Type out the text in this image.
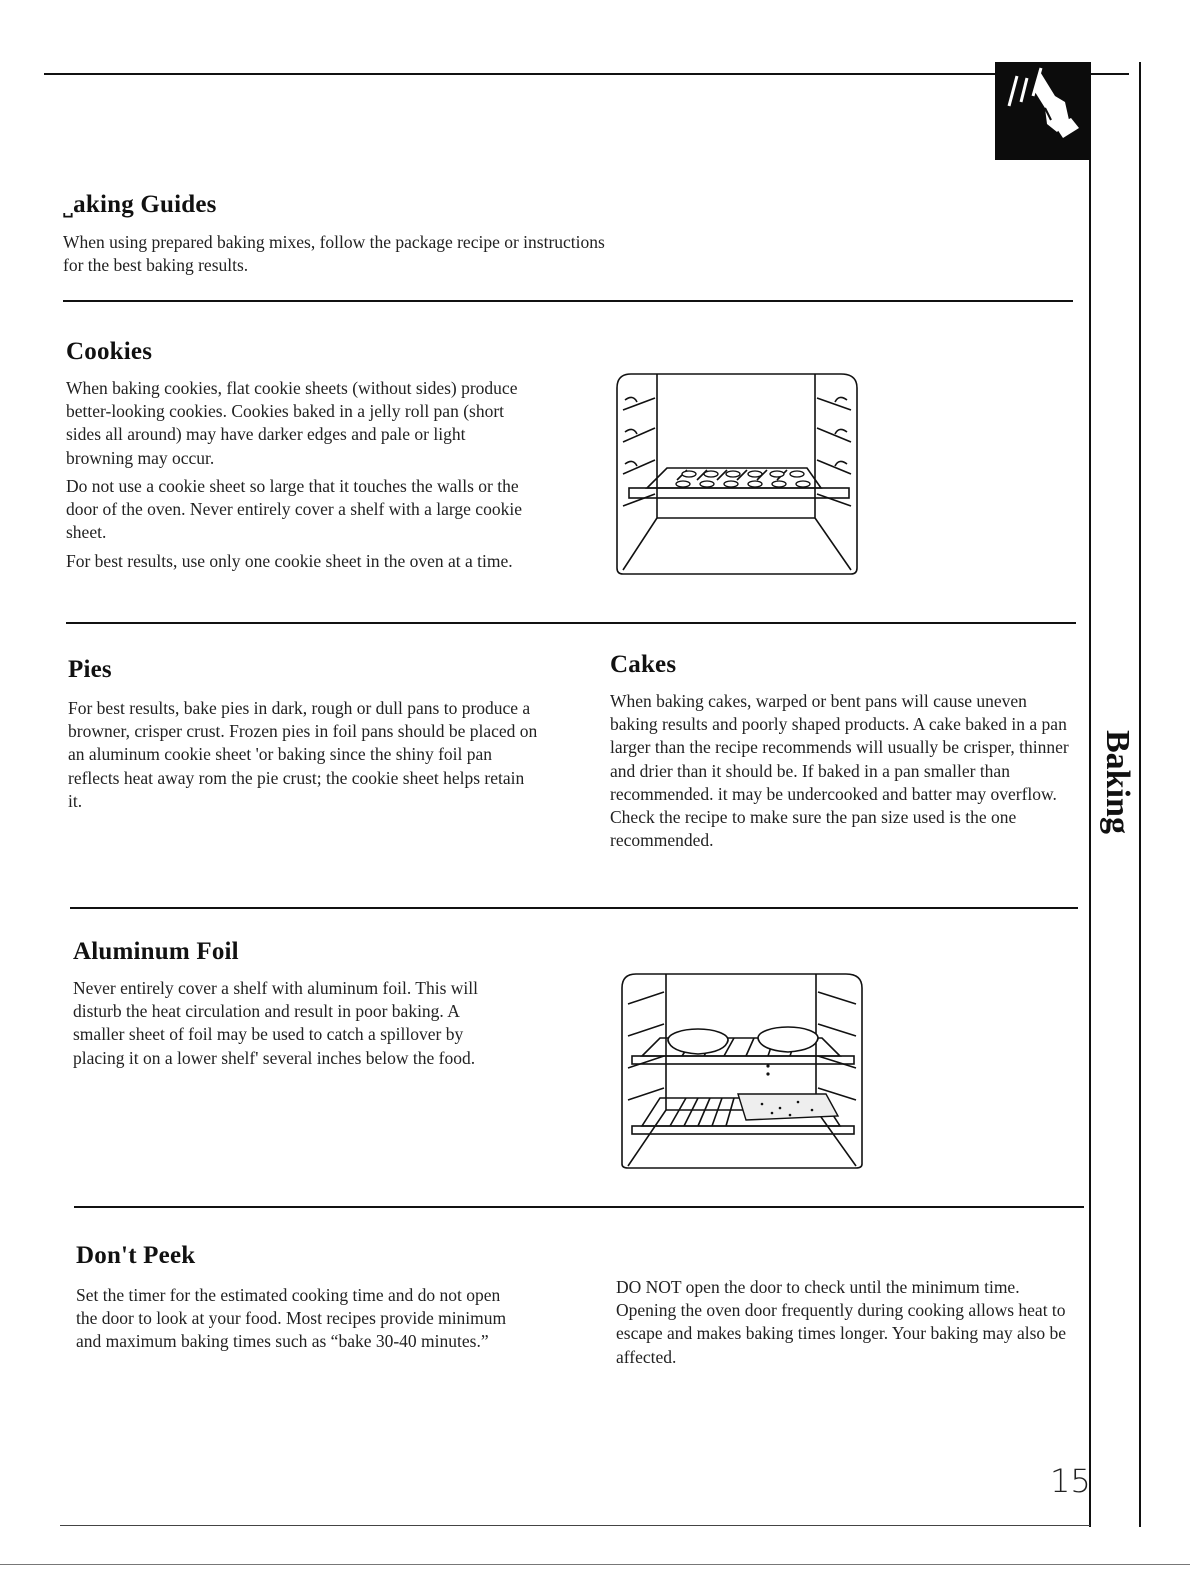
Baking
˽aking Guides

When using prepared baking mixes, follow the package recipe or instructions for the best baking results.

Cookies

When baking cookies, flat cookie sheets (without sides) produce better-looking cookies. Cookies baked in a jelly roll pan (short sides all around) may have darker edges and pale or light browning may occur.

Do not use a cookie sheet so large that it touches the walls or the door of the oven. Never entirely cover a shelf with a large cookie sheet.

For best results, use only one cookie sheet in the oven at a time.

Pies

For best results, bake pies in dark, rough or dull pans to produce a browner, crisper crust. Frozen pies in foil pans should be placed on an aluminum cookie sheet 'or baking since the shiny foil pan reflects heat away rom the pie crust; the cookie sheet helps retain it.

Cakes

When baking cakes, warped or bent pans will cause uneven baking results and poorly shaped products. A cake baked in a pan larger than the recipe recommends will usually be crisper, thinner and drier than it should be. If baked in a pan smaller than recommended. it may be undercooked and batter may overflow. Check the recipe to make sure the pan size used is the one recommended.

Aluminum Foil

Never entirely cover a shelf with aluminum foil. This will disturb the heat circulation and result in poor baking. A smaller sheet of foil may be used to catch a spillover by placing it on a lower shelf' several inches below the food.

Don't Peek

Set the timer for the estimated cooking time and do not open the door to look at your food. Most recipes provide minimum and maximum baking times such as “bake 30-40 minutes.”

DO NOT open the door to check until the minimum time. Opening the oven door frequently during cooking allows heat to escape and makes baking times longer. Your baking may also be affected.

15
